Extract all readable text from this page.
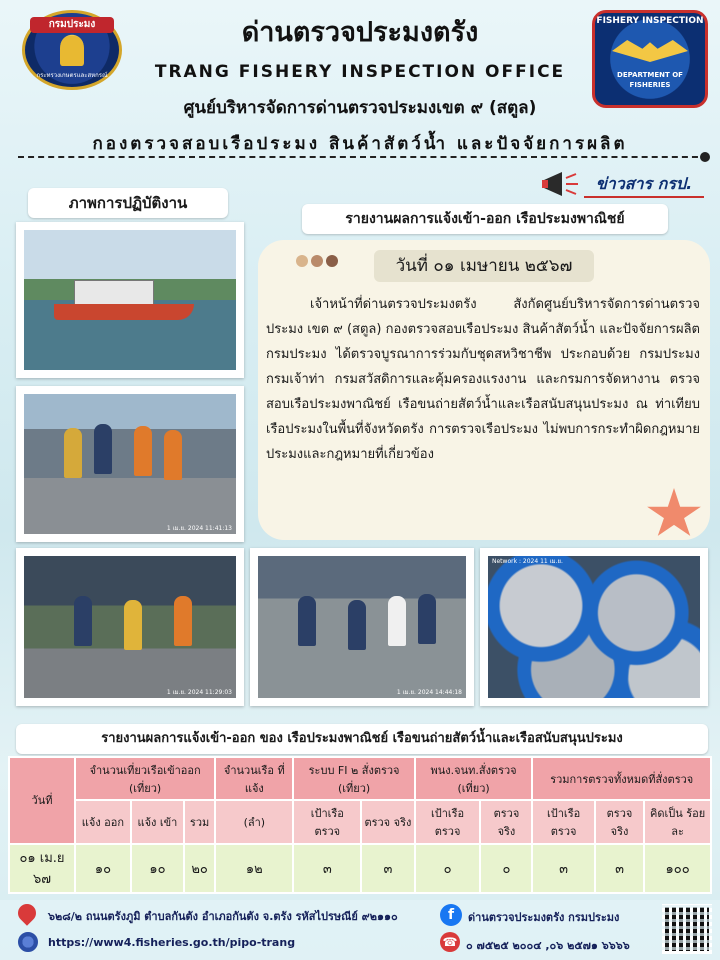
กรมประมง
กระทรวงเกษตรและสหกรณ์
ด่านตรวจประมงตรัง
TRANG FISHERY INSPECTION OFFICE
ศูนย์บริหารจัดการด่านตรวจประมงเขต ๙ (สตูล)
กองตรวจสอบเรือประมง สินค้าสัตว์น้ำ และปัจจัยการผลิต
FISHERY INSPECTION
DEPARTMENT OF FISHERIES
ข่าวสาร กรป.
ภาพการปฏิบัติงาน
รายงานผลการแจ้งเข้า-ออก เรือประมงพาณิชย์
1 เม.ย. 2024 11:41:13
1 เม.ย. 2024 11:29:03	1 เม.ย. 2024 14:44:18
Network : 2024 11 เม.ย.
วันที่ ๐๑ เมษายน ๒๕๖๗
เจ้าหน้าที่ด่านตรวจประมงตรัง สังกัดศูนย์บริหารจัดการด่านตรวจประมง เขต ๙ (สตูล) กองตรวจสอบเรือประมง สินค้าสัตว์น้ำ และปัจจัยการผลิต กรมประมง ได้ตรวจบูรณาการร่วมกับชุดสหวิชาชีพ ประกอบด้วย กรมประมง กรมเจ้าท่า กรมสวัสดิการและคุ้มครองแรงงาน และกรมการจัดหางาน ตรวจสอบเรือประมงพาณิชย์ เรือขนถ่ายสัตว์น้ำและเรือสนับสนุนประมง ณ ท่าเทียบเรือประมงในพื้นที่จังหวัดตรัง การตรวจเรือประมง ไม่พบการกระทำผิดกฎหมายประมงและกฎหมายที่เกี่ยวข้อง
รายงานผลการแจ้งเข้า-ออก ของ เรือประมงพาณิชย์ เรือขนถ่ายสัตว์น้ำและเรือสนับสนุนประมง
วันที่	จำนวนเที่ยวเรือเข้าออก (เที่ยว)			จำนวนเรือ ที่แจ้ง	ระบบ FI ๒ สั่งตรวจ (เที่ยว)		พนง.จนท.สั่งตรวจ (เที่ยว)		รวมการตรวจทั้งหมดที่สั่งตรวจ		
	แจ้ง ออก	แจ้ง เข้า	รวม	(ลำ)	เป้าเรือ ตรวจ	ตรวจ จริง	เป้าเรือ ตรวจ	ตรวจ จริง	เป้าเรือ ตรวจ	ตรวจ จริง	คิดเป็น ร้อยละ
๐๑ เม.ย ๖๗	๑๐	๑๐	๒๐	๑๒	๓	๓	๐	๐	๓	๓	๑๐๐
๖๒๘/๒ ถนนตรังภูมิ ตำบลกันตัง อำเภอกันตัง จ.ตรัง รหัสไปรษณีย์ ๙๒๑๑๐
https://www4.fisheries.go.th/pipo-trang
f	ด่านตรวจประมงตรัง กรมประมง
☎ ๐ ๗๕๒๕ ๒๐๐๔ ,๐๖ ๒๕๗๑ ๖๖๖๖
